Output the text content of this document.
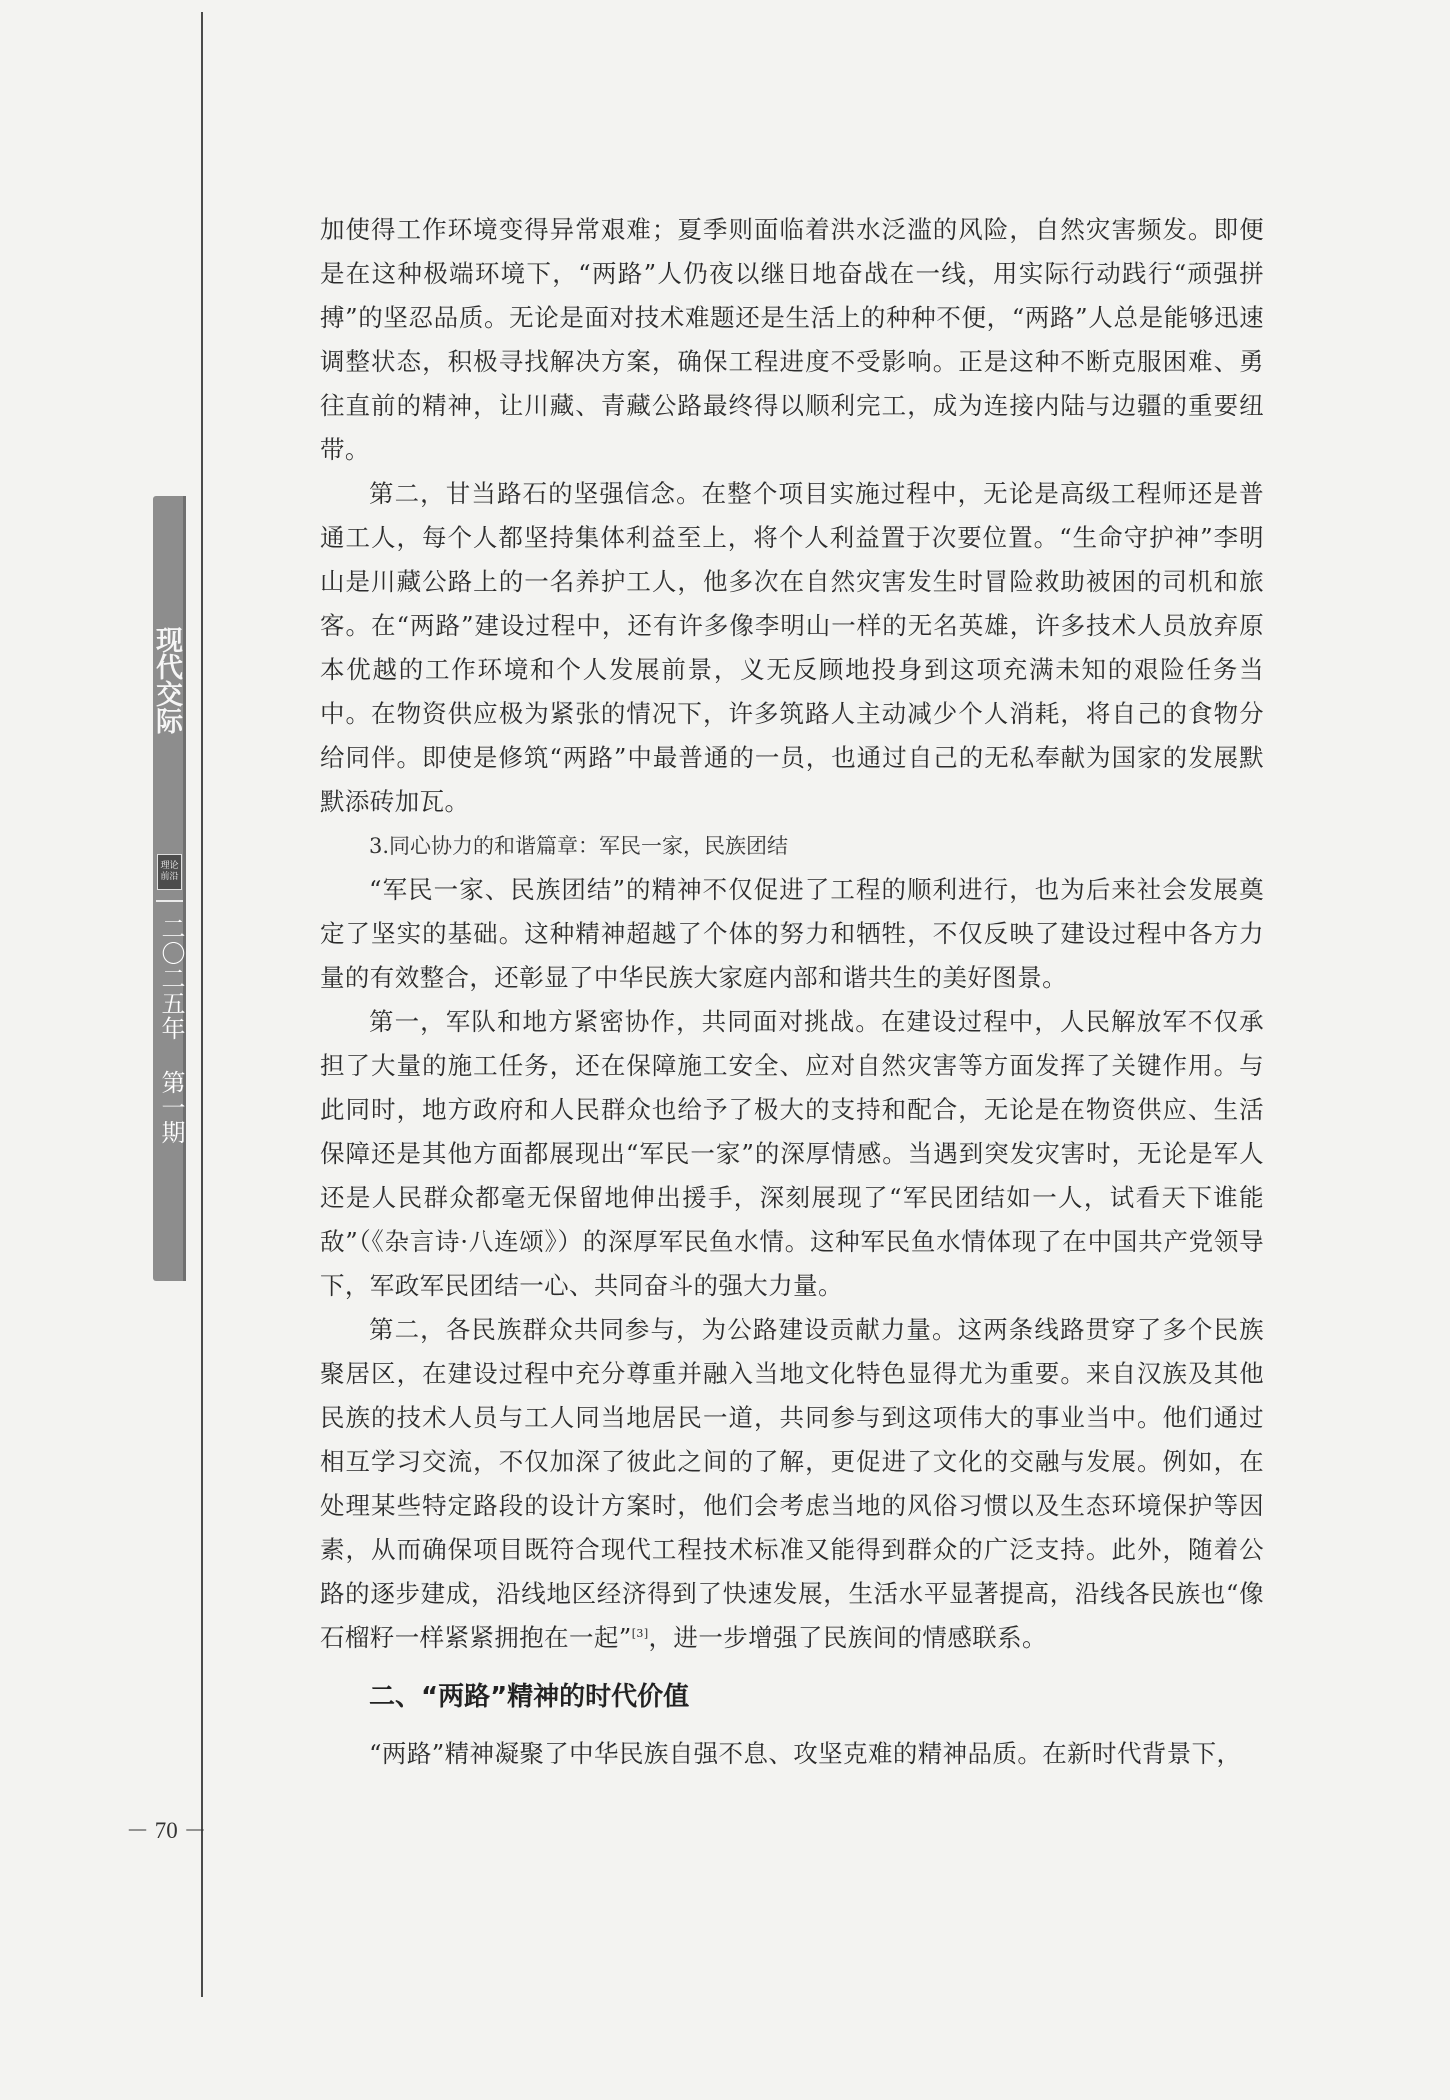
现代交际
理论前沿
二〇二五年 第一期
－ 70 －

加使得工作环境变得异常艰难；夏季则面临着洪水泛滥的风险，自然灾害频发。即便是在这种极端环境下，“两路”人仍夜以继日地奋战在一线，用实际行动践行“顽强拼搏”的坚忍品质。无论是面对技术难题还是生活上的种种不便，“两路”人总是能够迅速调整状态，积极寻找解决方案，确保工程进度不受影响。正是这种不断克服困难、勇往直前的精神，让川藏、青藏公路最终得以顺利完工，成为连接内陆与边疆的重要纽带。

第二，甘当路石的坚强信念。在整个项目实施过程中，无论是高级工程师还是普通工人，每个人都坚持集体利益至上，将个人利益置于次要位置。“生命守护神”李明山是川藏公路上的一名养护工人，他多次在自然灾害发生时冒险救助被困的司机和旅客。在“两路”建设过程中，还有许多像李明山一样的无名英雄，许多技术人员放弃原本优越的工作环境和个人发展前景，义无反顾地投身到这项充满未知的艰险任务当中。在物资供应极为紧张的情况下，许多筑路人主动减少个人消耗，将自己的食物分给同伴。即使是修筑“两路”中最普通的一员，也通过自己的无私奉献为国家的发展默默添砖加瓦。

3.同心协力的和谐篇章：军民一家，民族团结

“军民一家、民族团结”的精神不仅促进了工程的顺利进行，也为后来社会发展奠定了坚实的基础。这种精神超越了个体的努力和牺牲，不仅反映了建设过程中各方力量的有效整合，还彰显了中华民族大家庭内部和谐共生的美好图景。

第一，军队和地方紧密协作，共同面对挑战。在建设过程中，人民解放军不仅承担了大量的施工任务，还在保障施工安全、应对自然灾害等方面发挥了关键作用。与此同时，地方政府和人民群众也给予了极大的支持和配合，无论是在物资供应、生活保障还是其他方面都展现出“军民一家”的深厚情感。当遇到突发灾害时，无论是军人还是人民群众都毫无保留地伸出援手，深刻展现了“军民团结如一人，试看天下谁能敌”（《杂言诗·八连颂》）的深厚军民鱼水情。这种军民鱼水情体现了在中国共产党领导下，军政军民团结一心、共同奋斗的强大力量。

第二，各民族群众共同参与，为公路建设贡献力量。这两条线路贯穿了多个民族聚居区，在建设过程中充分尊重并融入当地文化特色显得尤为重要。来自汉族及其他民族的技术人员与工人同当地居民一道，共同参与到这项伟大的事业当中。他们通过相互学习交流，不仅加深了彼此之间的了解，更促进了文化的交融与发展。例如，在处理某些特定路段的设计方案时，他们会考虑当地的风俗习惯以及生态环境保护等因素，从而确保项目既符合现代工程技术标准又能得到群众的广泛支持。此外，随着公路的逐步建成，沿线地区经济得到了快速发展，生活水平显著提高，沿线各民族也“像石榴籽一样紧紧拥抱在一起”[3]，进一步增强了民族间的情感联系。

二、“两路”精神的时代价值

“两路”精神凝聚了中华民族自强不息、攻坚克难的精神品质。在新时代背景下，
